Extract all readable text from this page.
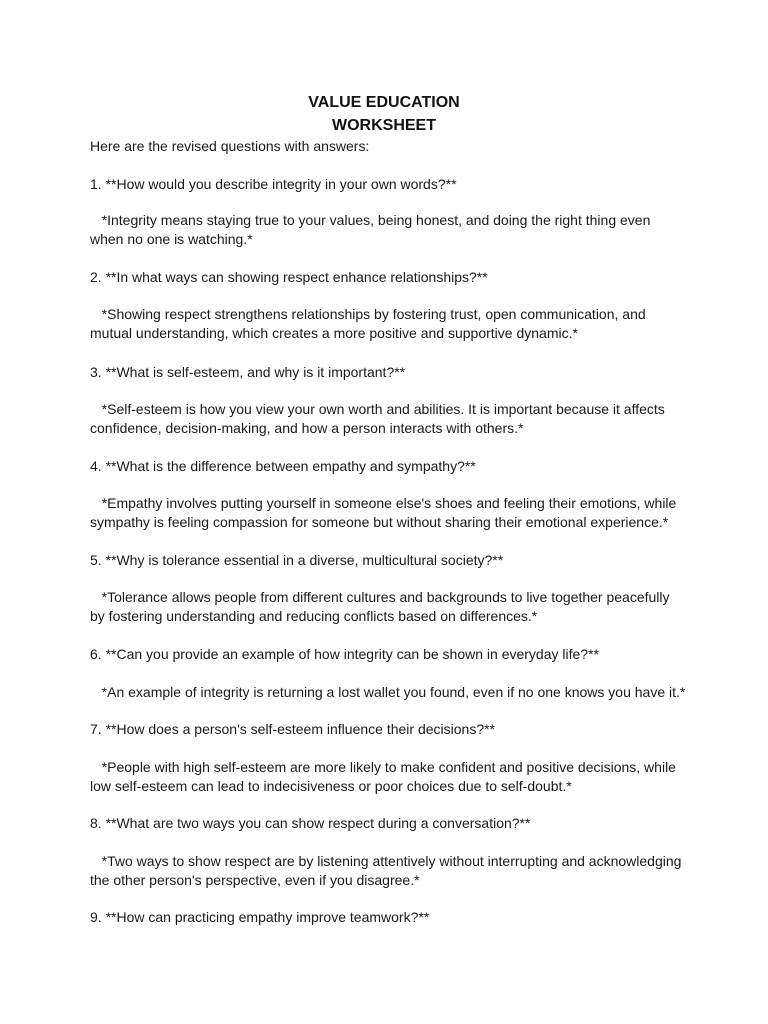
VALUE EDUCATION
WORKSHEET
Here are the revised questions with answers:
1. **How would you describe integrity in your own words?**
*Integrity means staying true to your values, being honest, and doing the right thing even
when no one is watching.*
2. **In what ways can showing respect enhance relationships?**
*Showing respect strengthens relationships by fostering trust, open communication, and
mutual understanding, which creates a more positive and supportive dynamic.*
3. **What is self-esteem, and why is it important?**
*Self-esteem is how you view your own worth and abilities. It is important because it affects
confidence, decision-making, and how a person interacts with others.*
4. **What is the difference between empathy and sympathy?**
*Empathy involves putting yourself in someone else's shoes and feeling their emotions, while
sympathy is feeling compassion for someone but without sharing their emotional experience.*
5. **Why is tolerance essential in a diverse, multicultural society?**
*Tolerance allows people from different cultures and backgrounds to live together peacefully
by fostering understanding and reducing conflicts based on differences.*
6. **Can you provide an example of how integrity can be shown in everyday life?**
*An example of integrity is returning a lost wallet you found, even if no one knows you have it.*
7. **How does a person's self-esteem influence their decisions?**
*People with high self-esteem are more likely to make confident and positive decisions, while
low self-esteem can lead to indecisiveness or poor choices due to self-doubt.*
8. **What are two ways you can show respect during a conversation?**
*Two ways to show respect are by listening attentively without interrupting and acknowledging
the other person's perspective, even if you disagree.*
9. **How can practicing empathy improve teamwork?**
